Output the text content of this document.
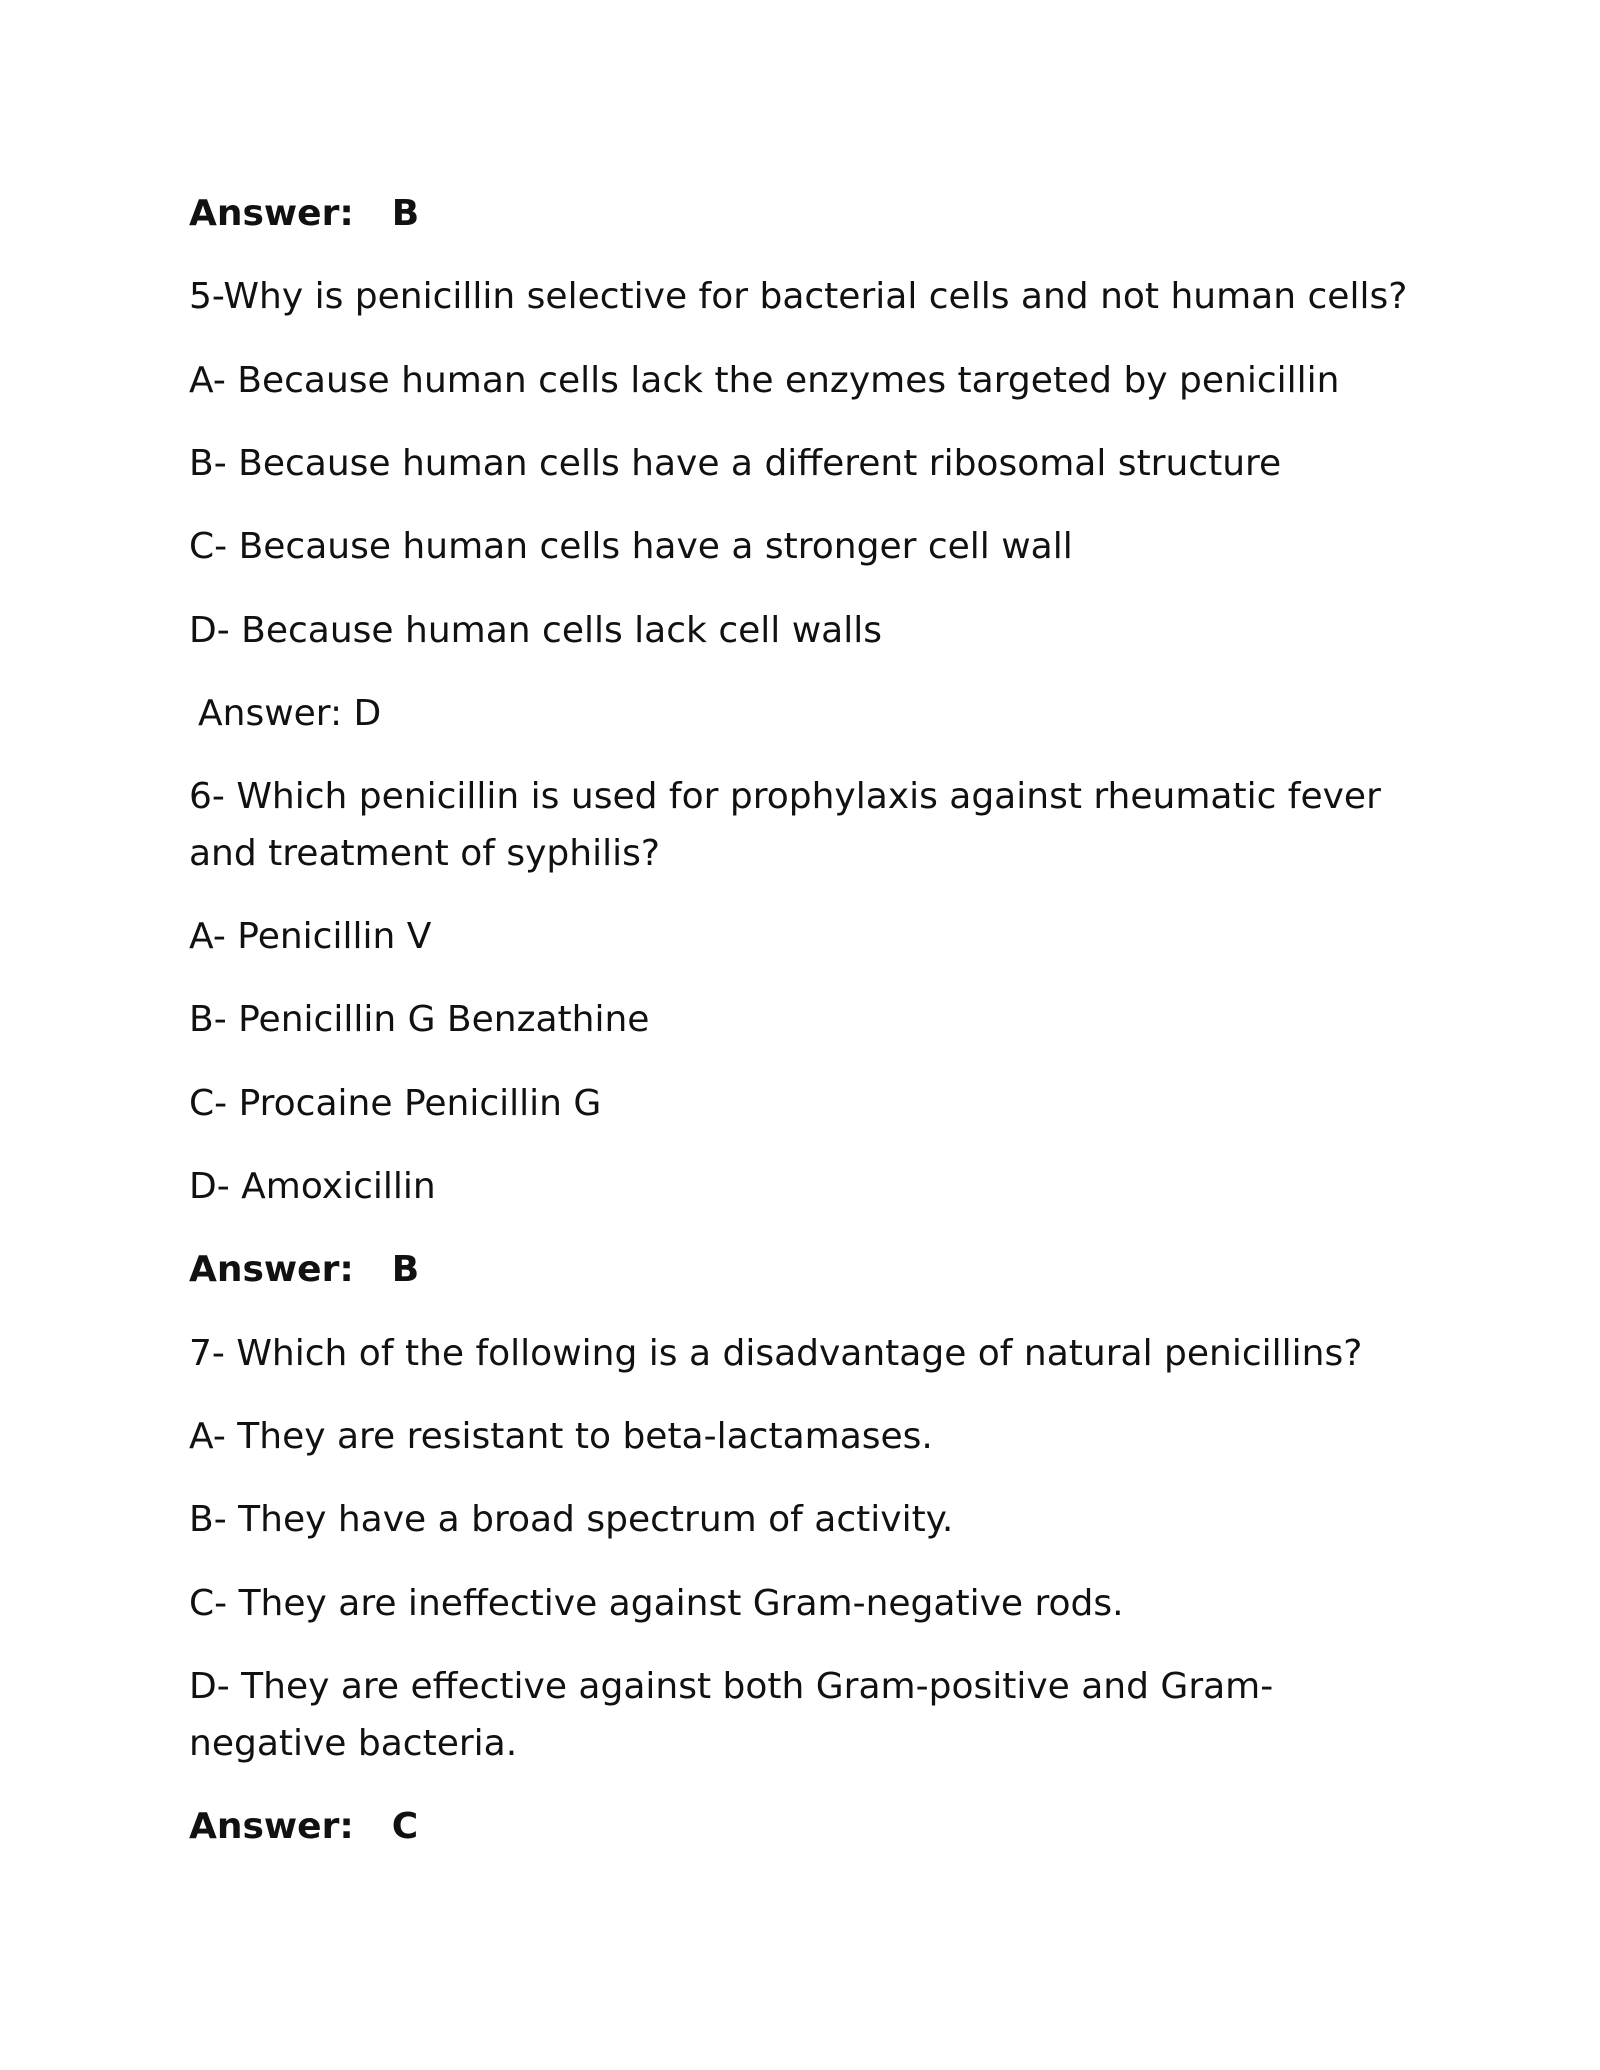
Answer: B
5-Why is penicillin selective for bacterial cells and not human cells?
A- Because human cells lack the enzymes targeted by penicillin
B- Because human cells have a different ribosomal structure
C- Because human cells have a stronger cell wall
D- Because human cells lack cell walls
Answer: D
6- Which penicillin is used for prophylaxis against rheumatic fever and treatment of syphilis?
A- Penicillin V
B- Penicillin G Benzathine
C- Procaine Penicillin G
D- Amoxicillin
Answer: B
7- Which of the following is a disadvantage of natural penicillins?
A- They are resistant to beta-lactamases.
B- They have a broad spectrum of activity.
C- They are ineffective against Gram-negative rods.
D- They are effective against both Gram-positive and Gram-negative bacteria.
Answer: C
